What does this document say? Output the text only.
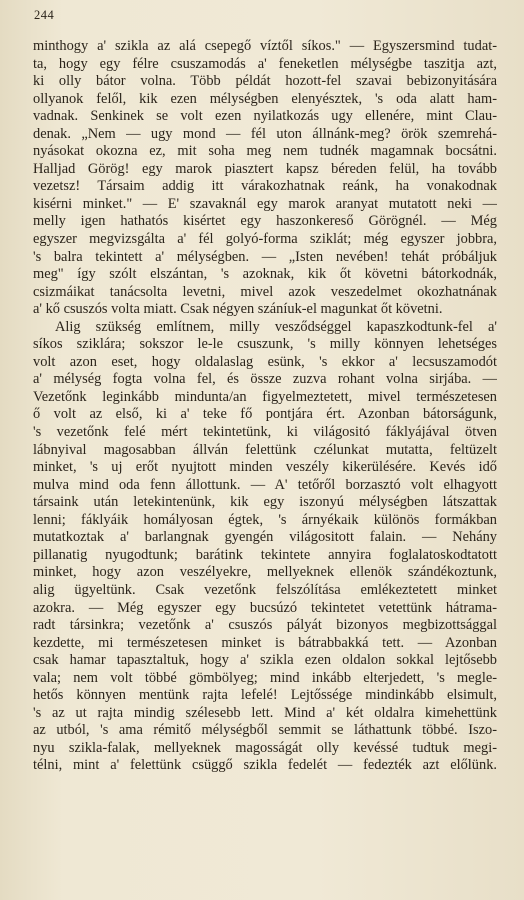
244
minthogy a' szikla az alá csepegő víztől síkos." — Egyszersmind tudat-
ta, hogy egy félre csuszamodás a' feneketlen mélységbe taszitja azt,
ki olly bátor volna. Több példát hozott-fel szavai bebizonyitására
ollyanok felől, kik ezen mélységben elenyésztek, 's oda alatt ham-
vadnak. Senkinek se volt ezen nyilatkozás ugy ellenére, mint Clau-
denak. „Nem — ugy mond — fél uton állnánk-meg? örök szemrehá-
nyásokat okozna ez, mit soha meg nem tudnék magamnak bocsátni.
Halljad Görög! egy marok piasztert kapsz béreden felül, ha tovább
vezetsz! Társaim addig itt várakozhatnak reánk, ha vonakodnak
kisérni minket." — E' szavaknál egy marok aranyat mutatott neki —
melly igen hathatós kisértet egy haszonkereső Görögnél. — Még
egyszer megvizsgálta a' fél golyó-forma sziklát; még egyszer jobbra,
's balra tekintett a' mélységben. — „Isten nevében! tehát próbáljuk
meg" így szólt elszántan, 's azoknak, kik őt követni bátorkodnák,
csizmáikat tanácsolta levetni, mivel azok veszedelmet okozhatnának
a' kő csuszós volta miatt. Csak négyen száníuk-el magunkat őt követni.
Alig szükség említnem, milly vesződséggel kapaszkodtunk-fel a'
síkos sziklára; sokszor le-le csuszunk, 's milly könnyen lehetséges
volt azon eset, hogy oldalaslag esünk, 's ekkor a' lecsuszamodót
a' mélység fogta volna fel, és össze zuzva rohant volna sirjába. —
Vezetőnk leginkább mindunta/an figyelmeztetett, mivel természetesen
ő volt az első, ki a' teke fő pontjára ért. Azonban bátorságunk,
's vezetőnk felé mért tekintetünk, ki világositó fáklyájával ötven
lábnyival magosabban állván felettünk czélunkat mutatta, feltüzelt
minket, 's uj erőt nyujtott minden veszély kikerülésére. Kevés idő
mulva mind oda fenn állottunk. — A' tetőről borzasztó volt elhagyott
társaink után letekintenünk, kik egy iszonyú mélységben látszattak
lenni; fáklyáik homályosan égtek, 's árnyékaik különös formákban
mutatkoztak a' barlangnak gyengén világositott falain. — Nehány
pillanatig nyugodtunk; barátink tekintete annyira foglalatoskodtatott
minket, hogy azon veszélyekre, mellyeknek ellenök szándékoztunk,
alig ügyeltünk. Csak vezetőnk felszólítása emlékeztetett minket
azokra. — Még egyszer egy bucsúzó tekintetet vetettünk hátrama-
radt társinkra; vezetőnk a' csuszós pályát bizonyos megbizottsággal
kezdette, mi természetesen minket is bátrabbakká tett. — Azonban
csak hamar tapasztaltuk, hogy a' szikla ezen oldalon sokkal lejtősebb
vala; nem volt többé gömbölyeg; mind inkább elterjedett, 's megle-
hetős könnyen mentünk rajta lefelé! Lejtőssége mindinkább elsimult,
's az ut rajta mindig szélesebb lett. Mind a' két oldalra kimehettünk
az utból, 's ama rémitő mélységből semmit se láthattunk többé. Iszo-
nyu szikla-falak, mellyeknek magosságát olly kevéssé tudtuk megi-
télni, mint a' felettünk csüggő szikla fedelét — fedezték azt előlünk.
